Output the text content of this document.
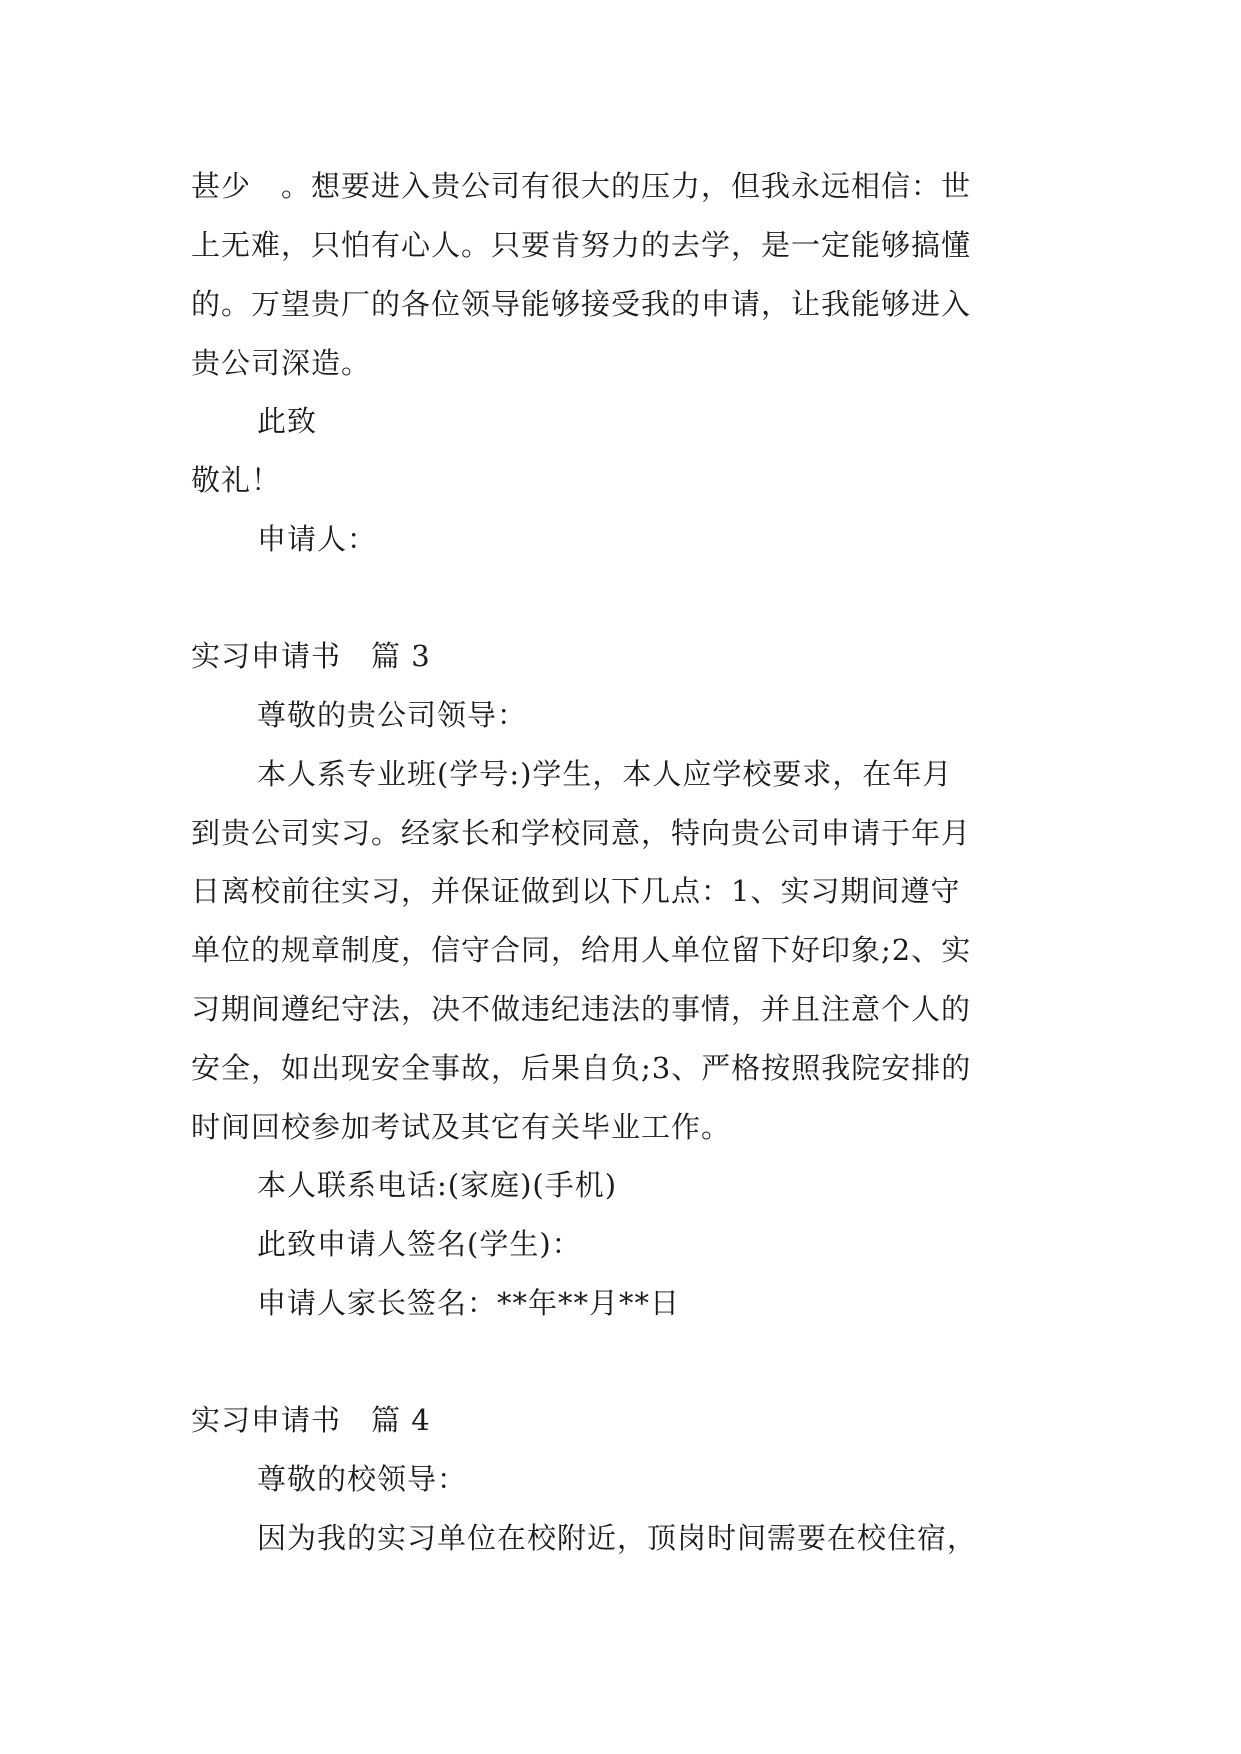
甚少　。想要进入贵公司有很大的压力，但我永远相信：世

上无难，只怕有心人。只要肯努力的去学，是一定能够搞懂

的。万望贵厂的各位领导能够接受我的申请，让我能够进入

贵公司深造。

此致

敬礼！

申请人：

实习申请书　篇 3

尊敬的贵公司领导：

本人系专业班(学号:)学生，本人应学校要求，在年月

到贵公司实习。经家长和学校同意，特向贵公司申请于年月

日离校前往实习，并保证做到以下几点：1、实习期间遵守

单位的规章制度，信守合同，给用人单位留下好印象;2、实

习期间遵纪守法，决不做违纪违法的事情，并且注意个人的

安全，如出现安全事故，后果自负;3、严格按照我院安排的

时间回校参加考试及其它有关毕业工作。

本人联系电话:(家庭)(手机)

此致申请人签名(学生)：

申请人家长签名：**年**月**日

实习申请书　篇 4

尊敬的校领导：

因为我的实习单位在校附近，顶岗时间需要在校住宿，
